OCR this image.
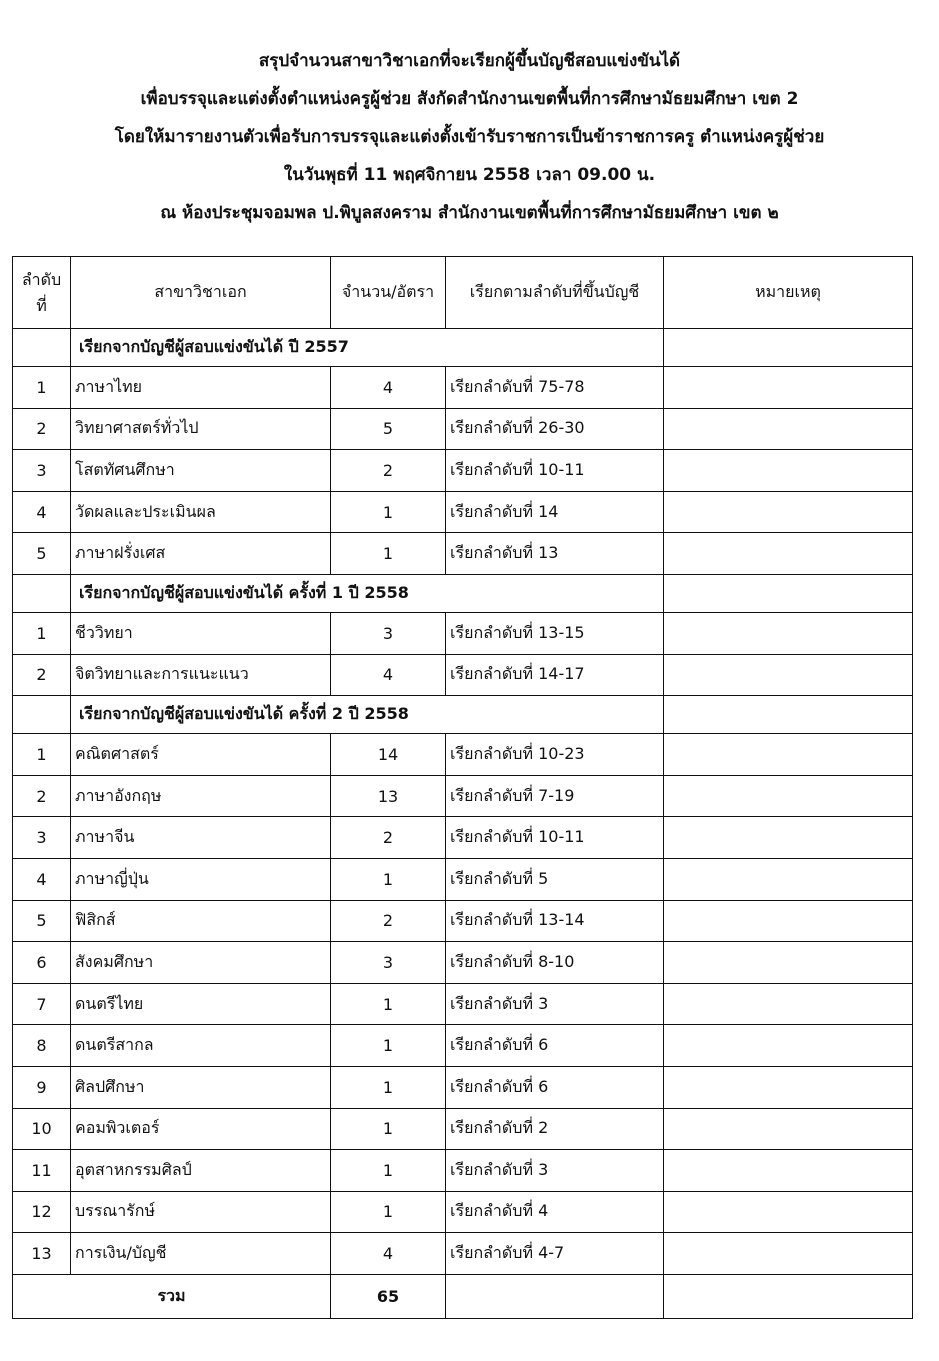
สรุปจำนวนสาขาวิชาเอกที่จะเรียกผู้ขึ้นบัญชีสอบแข่งขันได้
เพื่อบรรจุและแต่งตั้งตำแหน่งครูผู้ช่วย สังกัดสำนักงานเขตพื้นที่การศึกษามัธยมศึกษา เขต 2
โดยให้มารายงานตัวเพื่อรับการบรรจุและแต่งตั้งเข้ารับราชการเป็นข้าราชการครู ตำแหน่งครูผู้ช่วย
ในวันพุธที่ 11 พฤศจิกายน 2558 เวลา 09.00 น.
ณ ห้องประชุมจอมพล ป.พิบูลสงคราม สำนักงานเขตพื้นที่การศึกษามัธยมศึกษา เขต ๒
ลำดับ
ที่	สาขาวิชาเอก	จำนวน/อัตรา	เรียกตามลำดับที่ขึ้นบัญชี	หมายเหตุ
	เรียกจากบัญชีผู้สอบแข่งขันได้ ปี 2557			
1	ภาษาไทย	4	เรียกลำดับที่ 75-78	
2	วิทยาศาสตร์ทั่วไป	5	เรียกลำดับที่ 26-30	
3	โสตทัศนศึกษา	2	เรียกลำดับที่ 10-11	
4	วัดผลและประเมินผล	1	เรียกลำดับที่ 14	
5	ภาษาฝรั่งเศส	1	เรียกลำดับที่ 13	
	เรียกจากบัญชีผู้สอบแข่งขันได้ ครั้งที่ 1 ปี 2558			
1	ชีววิทยา	3	เรียกลำดับที่ 13-15	
2	จิตวิทยาและการแนะแนว	4	เรียกลำดับที่ 14-17	
	เรียกจากบัญชีผู้สอบแข่งขันได้ ครั้งที่ 2 ปี 2558			
1	คณิตศาสตร์	14	เรียกลำดับที่ 10-23	
2	ภาษาอังกฤษ	13	เรียกลำดับที่ 7-19	
3	ภาษาจีน	2	เรียกลำดับที่ 10-11	
4	ภาษาญี่ปุ่น	1	เรียกลำดับที่ 5	
5	ฟิสิกส์	2	เรียกลำดับที่ 13-14	
6	สังคมศึกษา	3	เรียกลำดับที่ 8-10	
7	ดนตรีไทย	1	เรียกลำดับที่ 3	
8	ดนตรีสากล	1	เรียกลำดับที่ 6	
9	ศิลปศึกษา	1	เรียกลำดับที่ 6	
10	คอมพิวเตอร์	1	เรียกลำดับที่ 2	
11	อุตสาหกรรมศิลป์	1	เรียกลำดับที่ 3	
12	บรรณารักษ์	1	เรียกลำดับที่ 4	
13	การเงิน/บัญชี	4	เรียกลำดับที่ 4-7	
รวม		65		
